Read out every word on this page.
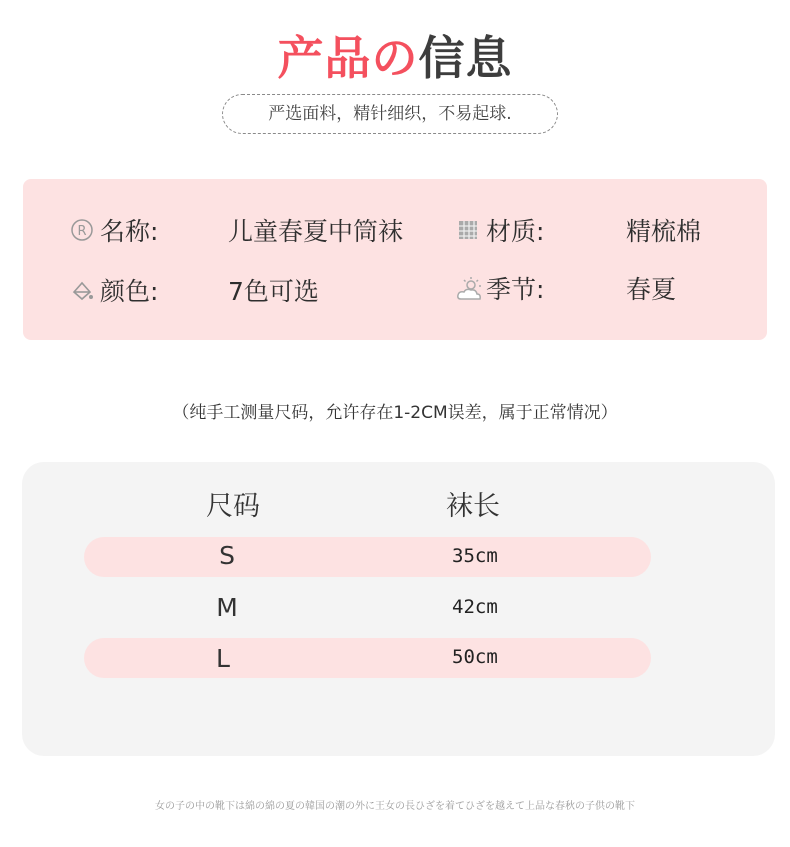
产品の信息
严选面料，精针细织，不易起球.
R 名称:	儿童春夏中筒袜	材质:	精梳棉
颜色:	7色可选	季节:	春夏
（纯手工测量尺码，允许存在1-2CM误差，属于正常情况）
尺码	袜长
S	35cm
M	42cm
L	50cm
女の子の中の靴下は綿の綿の夏の韓国の潮の外に王女の長ひざを着てひざを越えて上品な春秋の子供の靴下
